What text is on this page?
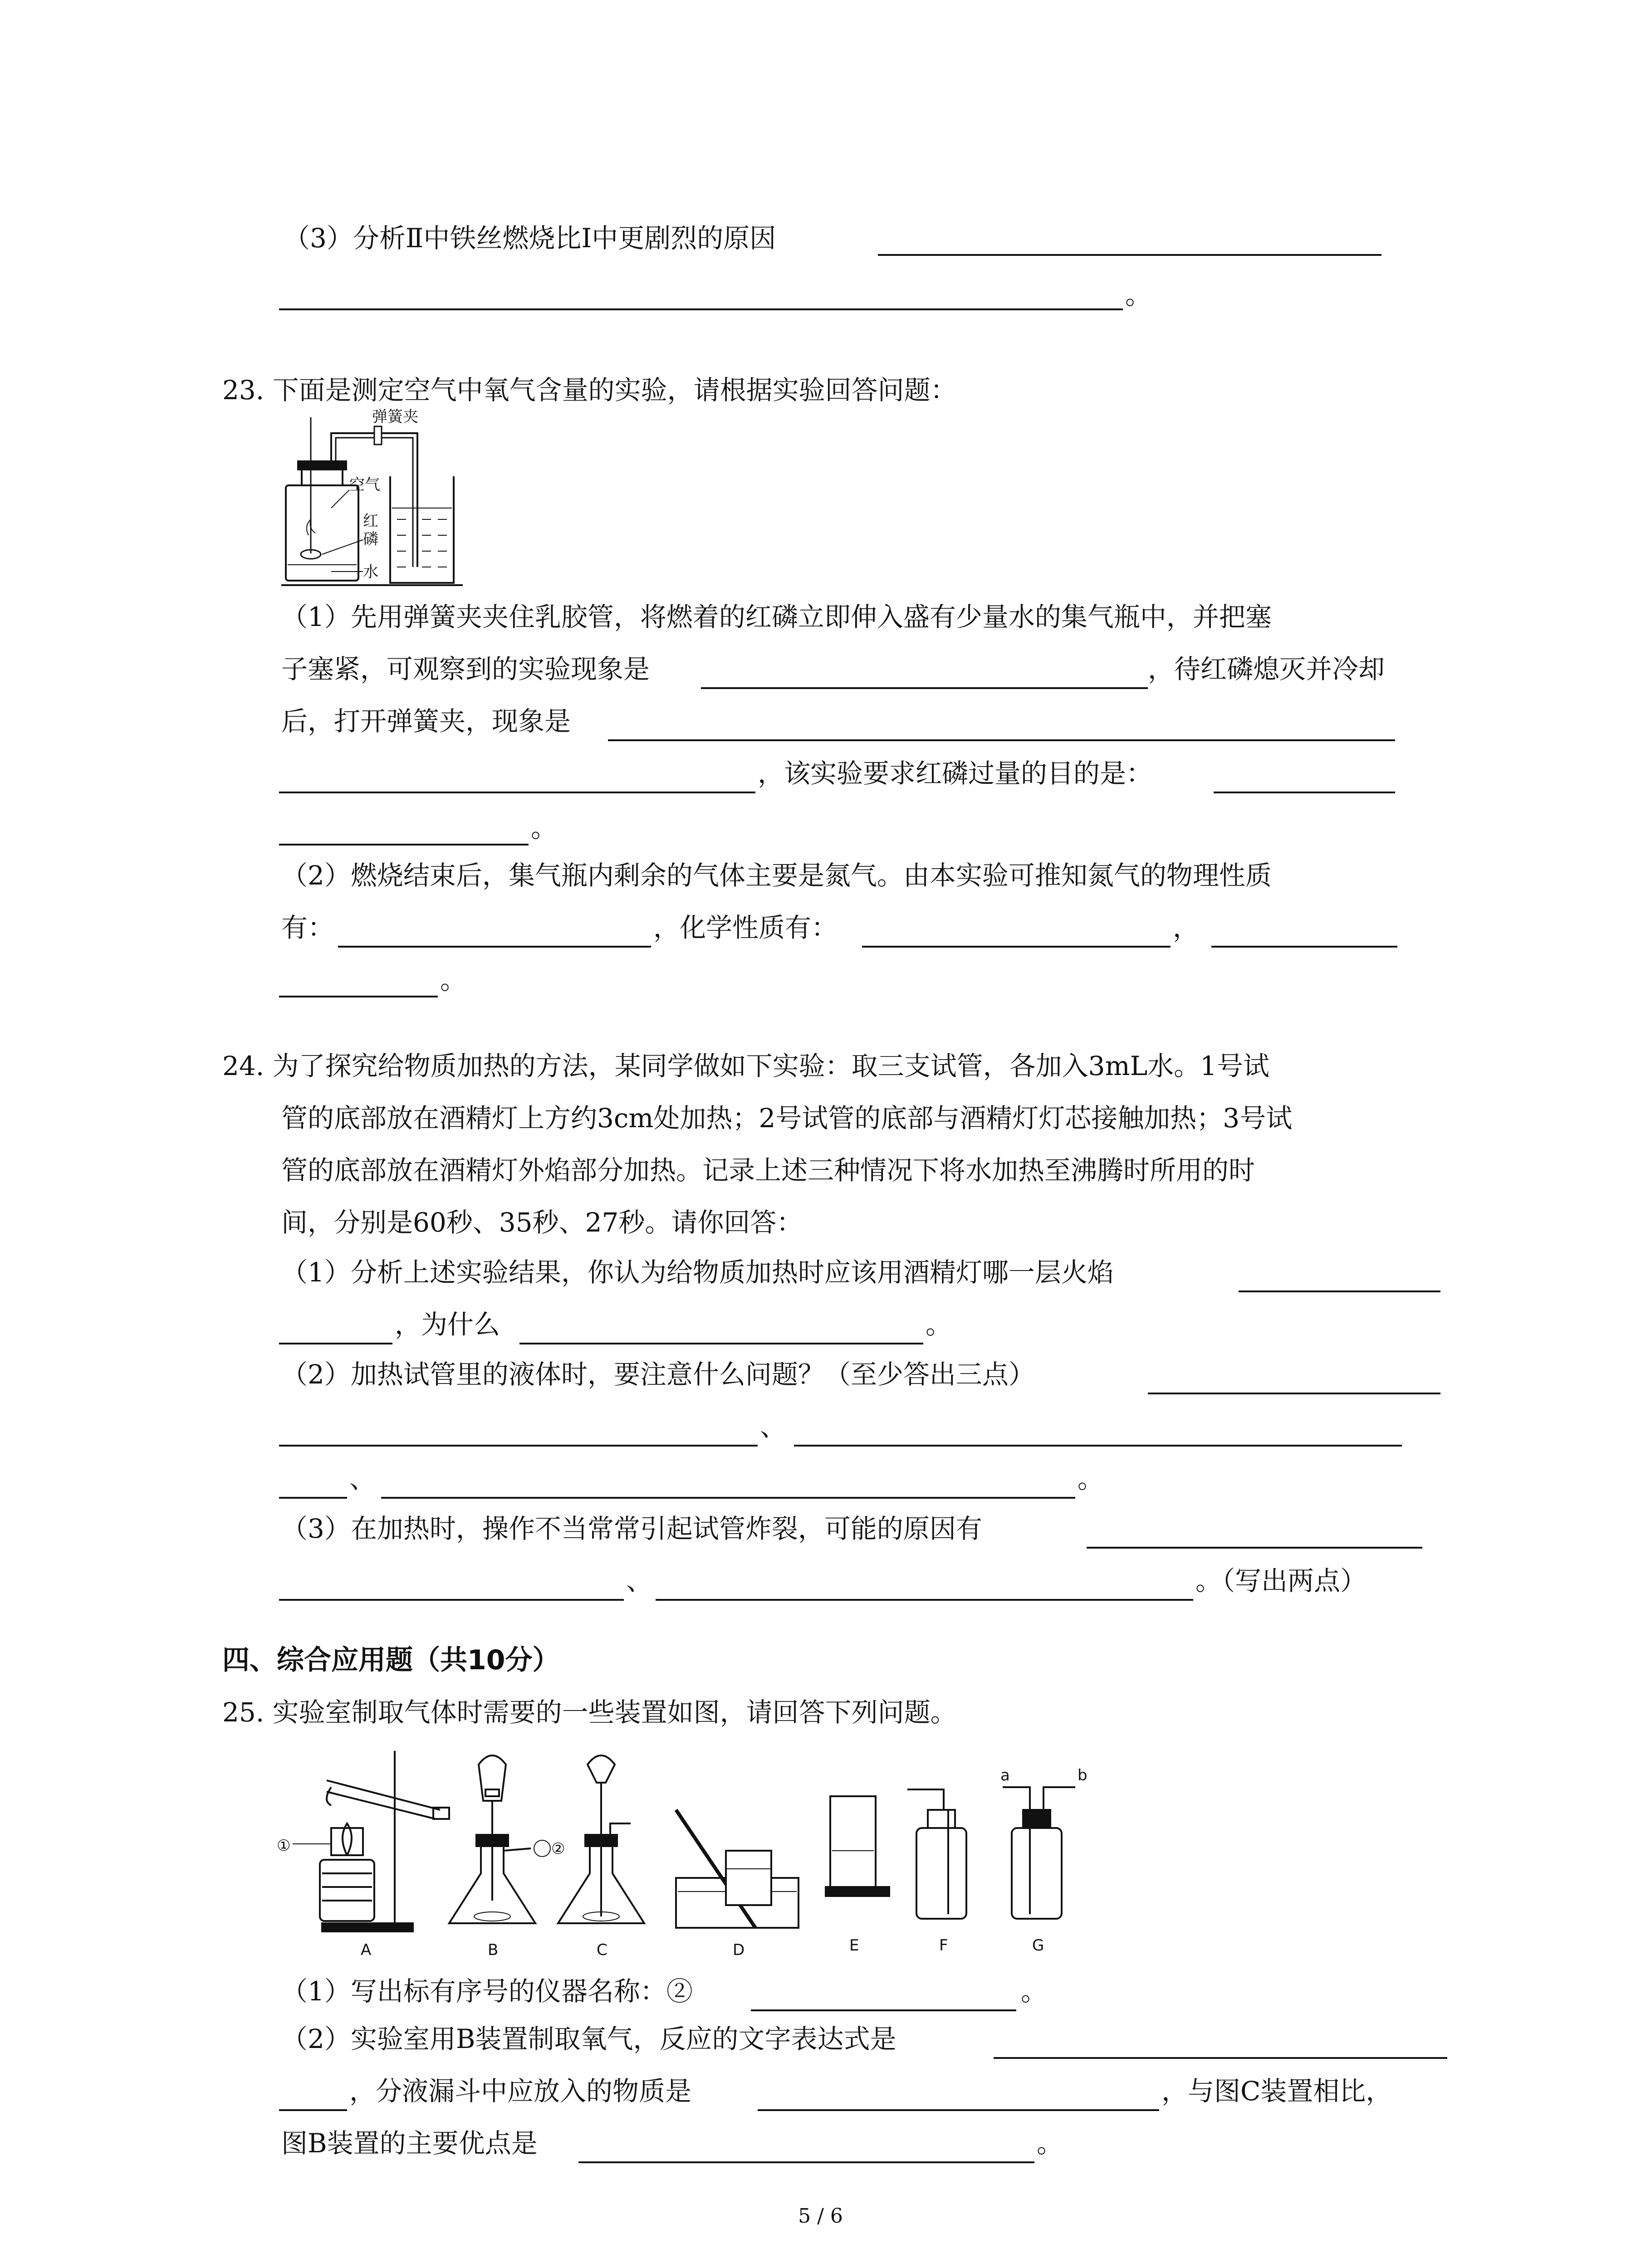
（3）分析Ⅱ中铁丝燃烧比Ⅰ中更剧烈的原因
。
23. 下面是测定空气中氧气含量的实验，请根据实验回答问题：
弹簧夹
空气
红
磷
水
（1）先用弹簧夹夹住乳胶管，将燃着的红磷立即伸入盛有少量水的集气瓶中，并把塞
子塞紧，可观察到的实验现象是	，待红磷熄灭并冷却
后，打开弹簧夹，现象是
，该实验要求红磷过量的目的是：
。
（2）燃烧结束后，集气瓶内剩余的气体主要是氮气。由本实验可推知氮气的物理性质
有：	，化学性质有：	，
。
24. 为了探究给物质加热的方法，某同学做如下实验：取三支试管，各加入3mL水。1号试
管的底部放在酒精灯上方约3cm处加热；2号试管的底部与酒精灯灯芯接触加热；3号试
管的底部放在酒精灯外焰部分加热。记录上述三种情况下将水加热至沸腾时所用的时
间，分别是60秒、35秒、27秒。请你回答：
（1）分析上述实验结果，你认为给物质加热时应该用酒精灯哪一层火焰
，为什么	。
（2）加热试管里的液体时，要注意什么问题？（至少答出三点）
、
、	。
（3）在加热时，操作不当常常引起试管炸裂，可能的原因有
、	。（写出两点）
四、综合应用题（共10分）
25. 实验室制取气体时需要的一些装置如图，请回答下列问题。
①	②
A	B	C	D	E	F	G
a	b
（1）写出标有序号的仪器名称：②	。
（2）实验室用B装置制取氧气，反应的文字表达式是
，分液漏斗中应放入的物质是	，与图C装置相比，
图B装置的主要优点是	。
5 / 6
